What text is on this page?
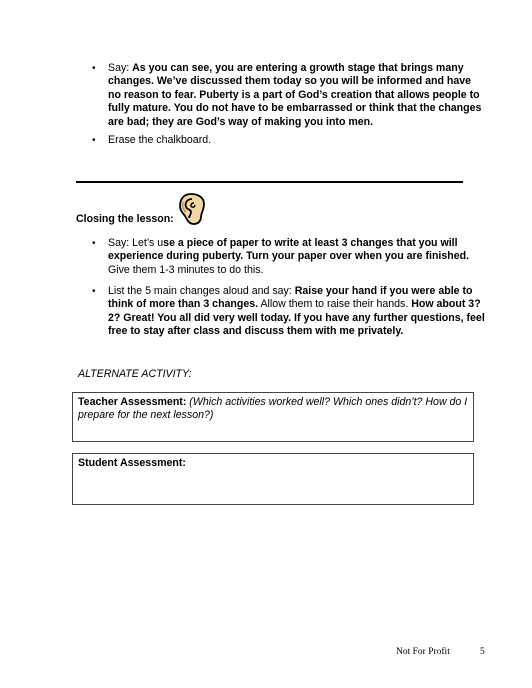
•	Say: As you can see, you are entering a growth stage that brings many changes. We’ve discussed them today so you will be informed and have no reason to fear. Puberty is a part of God’s creation that allows people to fully mature. You do not have to be embarrassed or think that the changes are bad; they are God’s way of making you into men.
•	Erase the chalkboard.
Closing the lesson:
•	Say: Let’s use a piece of paper to write at least 3 changes that you will experience during puberty. Turn your paper over when you are finished. Give them 1-3 minutes to do this.
•	List the 5 main changes aloud and say: Raise your hand if you were able to think of more than 3 changes. Allow them to raise their hands. How about 3? 2? Great! You all did very well today. If you have any further questions, feel free to stay after class and discuss them with me privately.
ALTERNATE ACTIVITY:
Teacher Assessment: (Which activities worked well? Which ones didn’t? How do I prepare for the next lesson?)
Student Assessment:
Not For Profit	5
